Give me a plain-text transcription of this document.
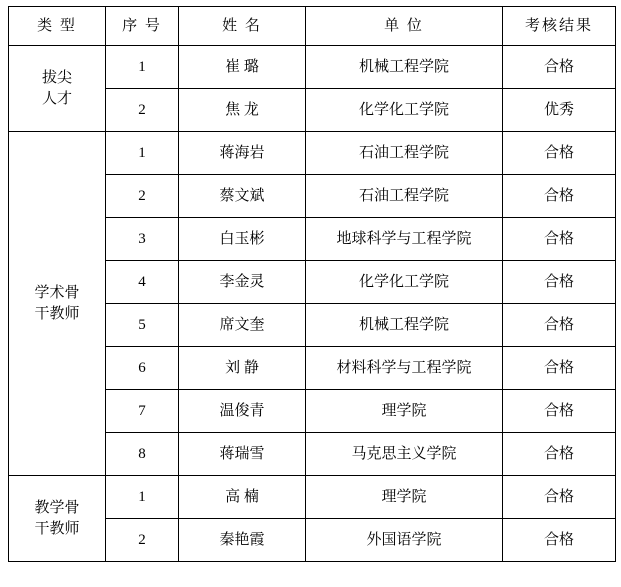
类 型	序 号	姓 名	单 位	考核结果

拔尖
人才	1	崔 璐	机械工程学院	合格
	2	焦 龙	化学化工学院	优秀

学术骨
干教师	1	蒋海岩	石油工程学院	合格
	2	蔡文斌	石油工程学院	合格
	3	白玉彬	地球科学与工程学院	合格
	4	李金灵	化学化工学院	合格
	5	席文奎	机械工程学院	合格
	6	刘 静	材料科学与工程学院	合格
	7	温俊青	理学院	合格
	8	蒋瑞雪	马克思主义学院	合格

教学骨
干教师	1	高 楠	理学院	合格
	2	秦艳霞	外国语学院	合格
